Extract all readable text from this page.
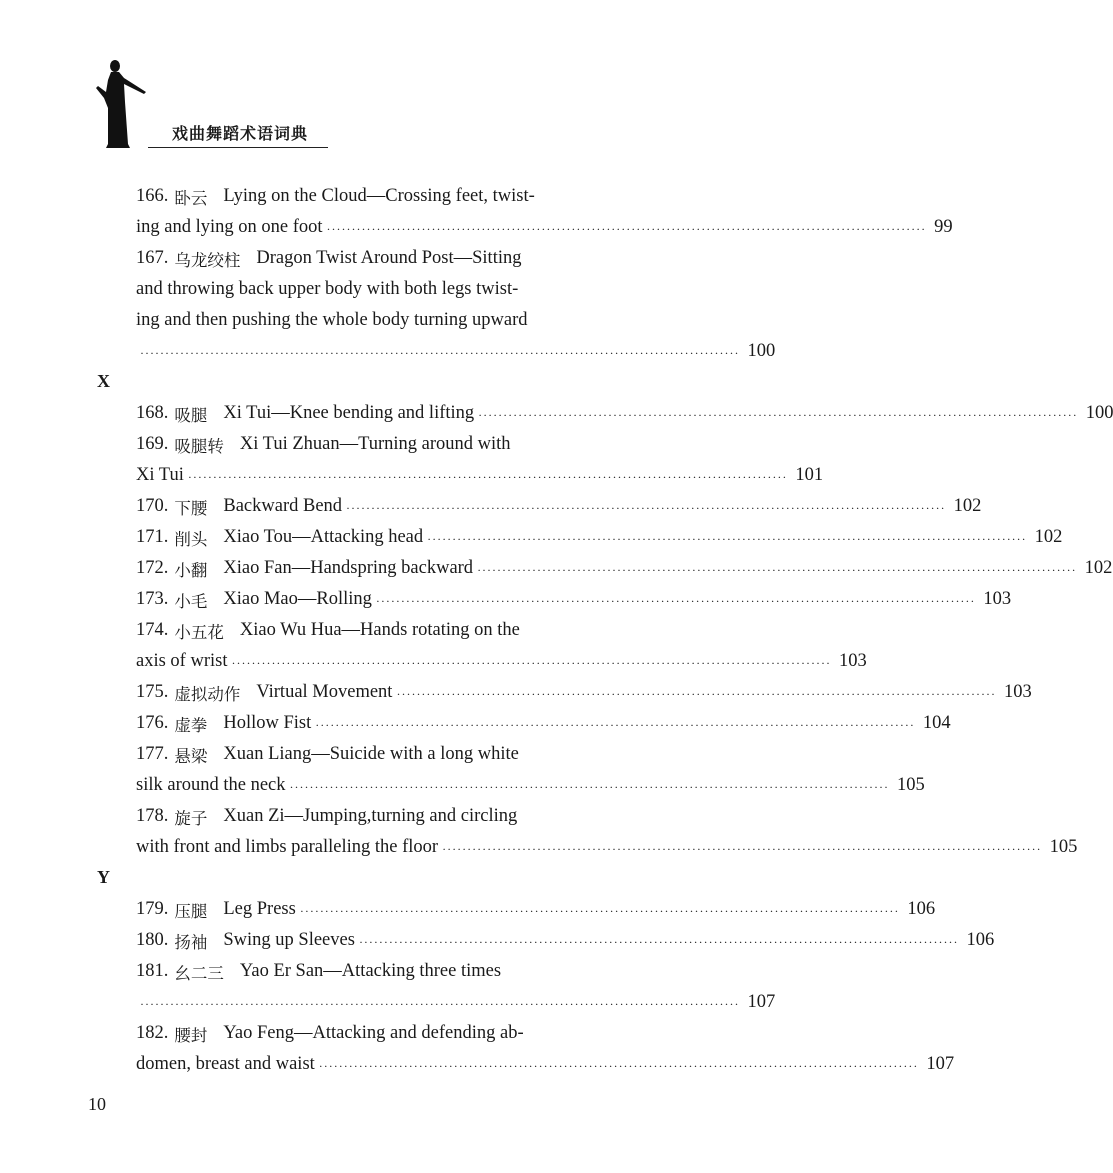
戏曲舞蹈术语词典
166. 卧云 Lying on the Cloud—Crossing feet, twist-
ing and lying on one foot ························································································································ 99
167. 乌龙绞柱 Dragon Twist Around Post—Sitting
and throwing back upper body with both legs twist-
ing and then pushing the whole body turning upward
························································································································ 100
X
168. 吸腿 Xi Tui—Knee bending and lifting ························································································································ 100
169. 吸腿转 Xi Tui Zhuan—Turning around with
Xi Tui ························································································································ 101
170. 下腰 Backward Bend ························································································································ 102
171. 削头 Xiao Tou—Attacking head ························································································································ 102
172. 小翻 Xiao Fan—Handspring backward ························································································································ 102
173. 小毛 Xiao Mao—Rolling ························································································································ 103
174. 小五花 Xiao Wu Hua—Hands rotating on the
axis of wrist ························································································································ 103
175. 虚拟动作 Virtual Movement ························································································································ 103
176. 虚拳 Hollow Fist ························································································································ 104
177. 悬梁 Xuan Liang—Suicide with a long white
silk around the neck ························································································································ 105
178. 旋子 Xuan Zi—Jumping,turning and circling
with front and limbs paralleling the floor ························································································································ 105
Y
179. 压腿 Leg Press ························································································································ 106
180. 扬袖 Swing up Sleeves ························································································································ 106
181. 幺二三 Yao Er San—Attacking three times
························································································································ 107
182. 腰封 Yao Feng—Attacking and defending ab-
domen, breast and waist ························································································································ 107
10
